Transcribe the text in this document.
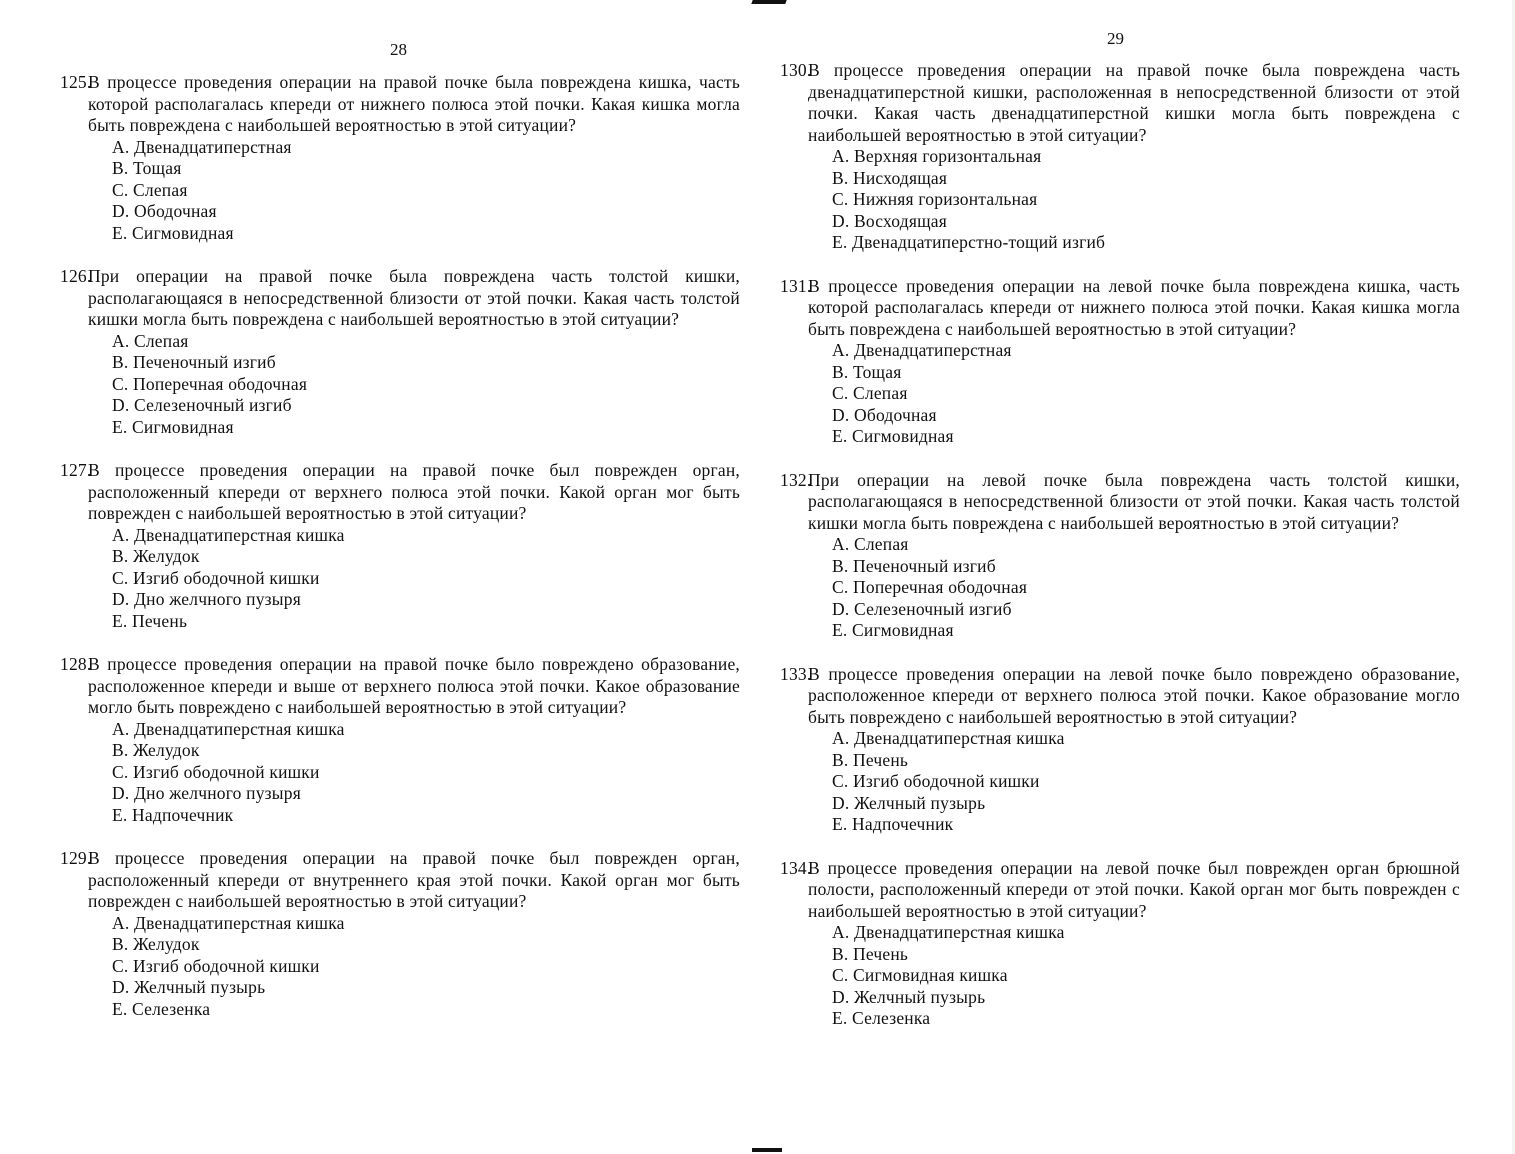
28
125.В процессе проведения операции на правой почке была повреждена кишка, часть которой располагалась кпереди от нижнего полюса этой почки. Какая кишка могла быть повреждена с наибольшей вероятностью в этой ситуации?
A. Двенадцатиперстная
B. Тощая
C. Слепая
D. Ободочная
E. Сигмовидная
126.При операции на правой почке была повреждена часть толстой кишки, располагающаяся в непосредственной близости от этой почки. Какая часть толстой кишки могла быть повреждена с наибольшей вероятностью в этой ситуации?
A. Слепая
B. Печеночный изгиб
C. Поперечная ободочная
D. Селезеночный изгиб
E. Сигмовидная
127.В процессе проведения операции на правой почке был поврежден орган, расположенный кпереди от верхнего полюса этой почки. Какой орган мог быть поврежден с наибольшей вероятностью в этой ситуации?
A. Двенадцатиперстная кишка
B. Желудок
C. Изгиб ободочной кишки
D. Дно желчного пузыря
E. Печень
128.В процессе проведения операции на правой почке было повреждено образование, расположенное кпереди и выше от верхнего полюса этой почки. Какое образование могло быть повреждено с наибольшей вероятностью в этой ситуации?
A. Двенадцатиперстная кишка
B. Желудок
C. Изгиб ободочной кишки
D. Дно желчного пузыря
E. Надпочечник
129.В процессе проведения операции на правой почке был поврежден орган, расположенный кпереди от внутреннего края этой почки. Какой орган мог быть поврежден с наибольшей вероятностью в этой ситуации?
A. Двенадцатиперстная кишка
B. Желудок
C. Изгиб ободочной кишки
D. Желчный пузырь
E. Селезенка
29
130.В процессе проведения операции на правой почке была повреждена часть двенадцатиперстной кишки, расположенная в непосредственной близости от этой почки. Какая часть двенадцатиперстной кишки могла быть повреждена с наибольшей вероятностью в этой ситуации?
A. Верхняя горизонтальная
B. Нисходящая
C. Нижняя горизонтальная
D. Восходящая
E. Двенадцатиперстно-тощий изгиб
131.В процессе проведения операции на левой почке была повреждена кишка, часть которой располагалась кпереди от нижнего полюса этой почки. Какая кишка могла быть повреждена с наибольшей вероятностью в этой ситуации?
A. Двенадцатиперстная
B. Тощая
C. Слепая
D. Ободочная
E. Сигмовидная
132.При операции на левой почке была повреждена часть толстой кишки, располагающаяся в непосредственной близости от этой почки. Какая часть толстой кишки могла быть повреждена с наибольшей вероятностью в этой ситуации?
A. Слепая
B. Печеночный изгиб
C. Поперечная ободочная
D. Селезеночный изгиб
E. Сигмовидная
133.В процессе проведения операции на левой почке было повреждено образование, расположенное кпереди от верхнего полюса этой почки. Какое образование могло быть повреждено с наибольшей вероятностью в этой ситуации?
A. Двенадцатиперстная кишка
B. Печень
C. Изгиб ободочной кишки
D. Желчный пузырь
E. Надпочечник
134.В процессе проведения операции на левой почке был поврежден орган брюшной полости, расположенный кпереди от этой почки. Какой орган мог быть поврежден с наибольшей вероятностью в этой ситуации?
A. Двенадцатиперстная кишка
B. Печень
C. Сигмовидная кишка
D. Желчный пузырь
E. Селезенка
